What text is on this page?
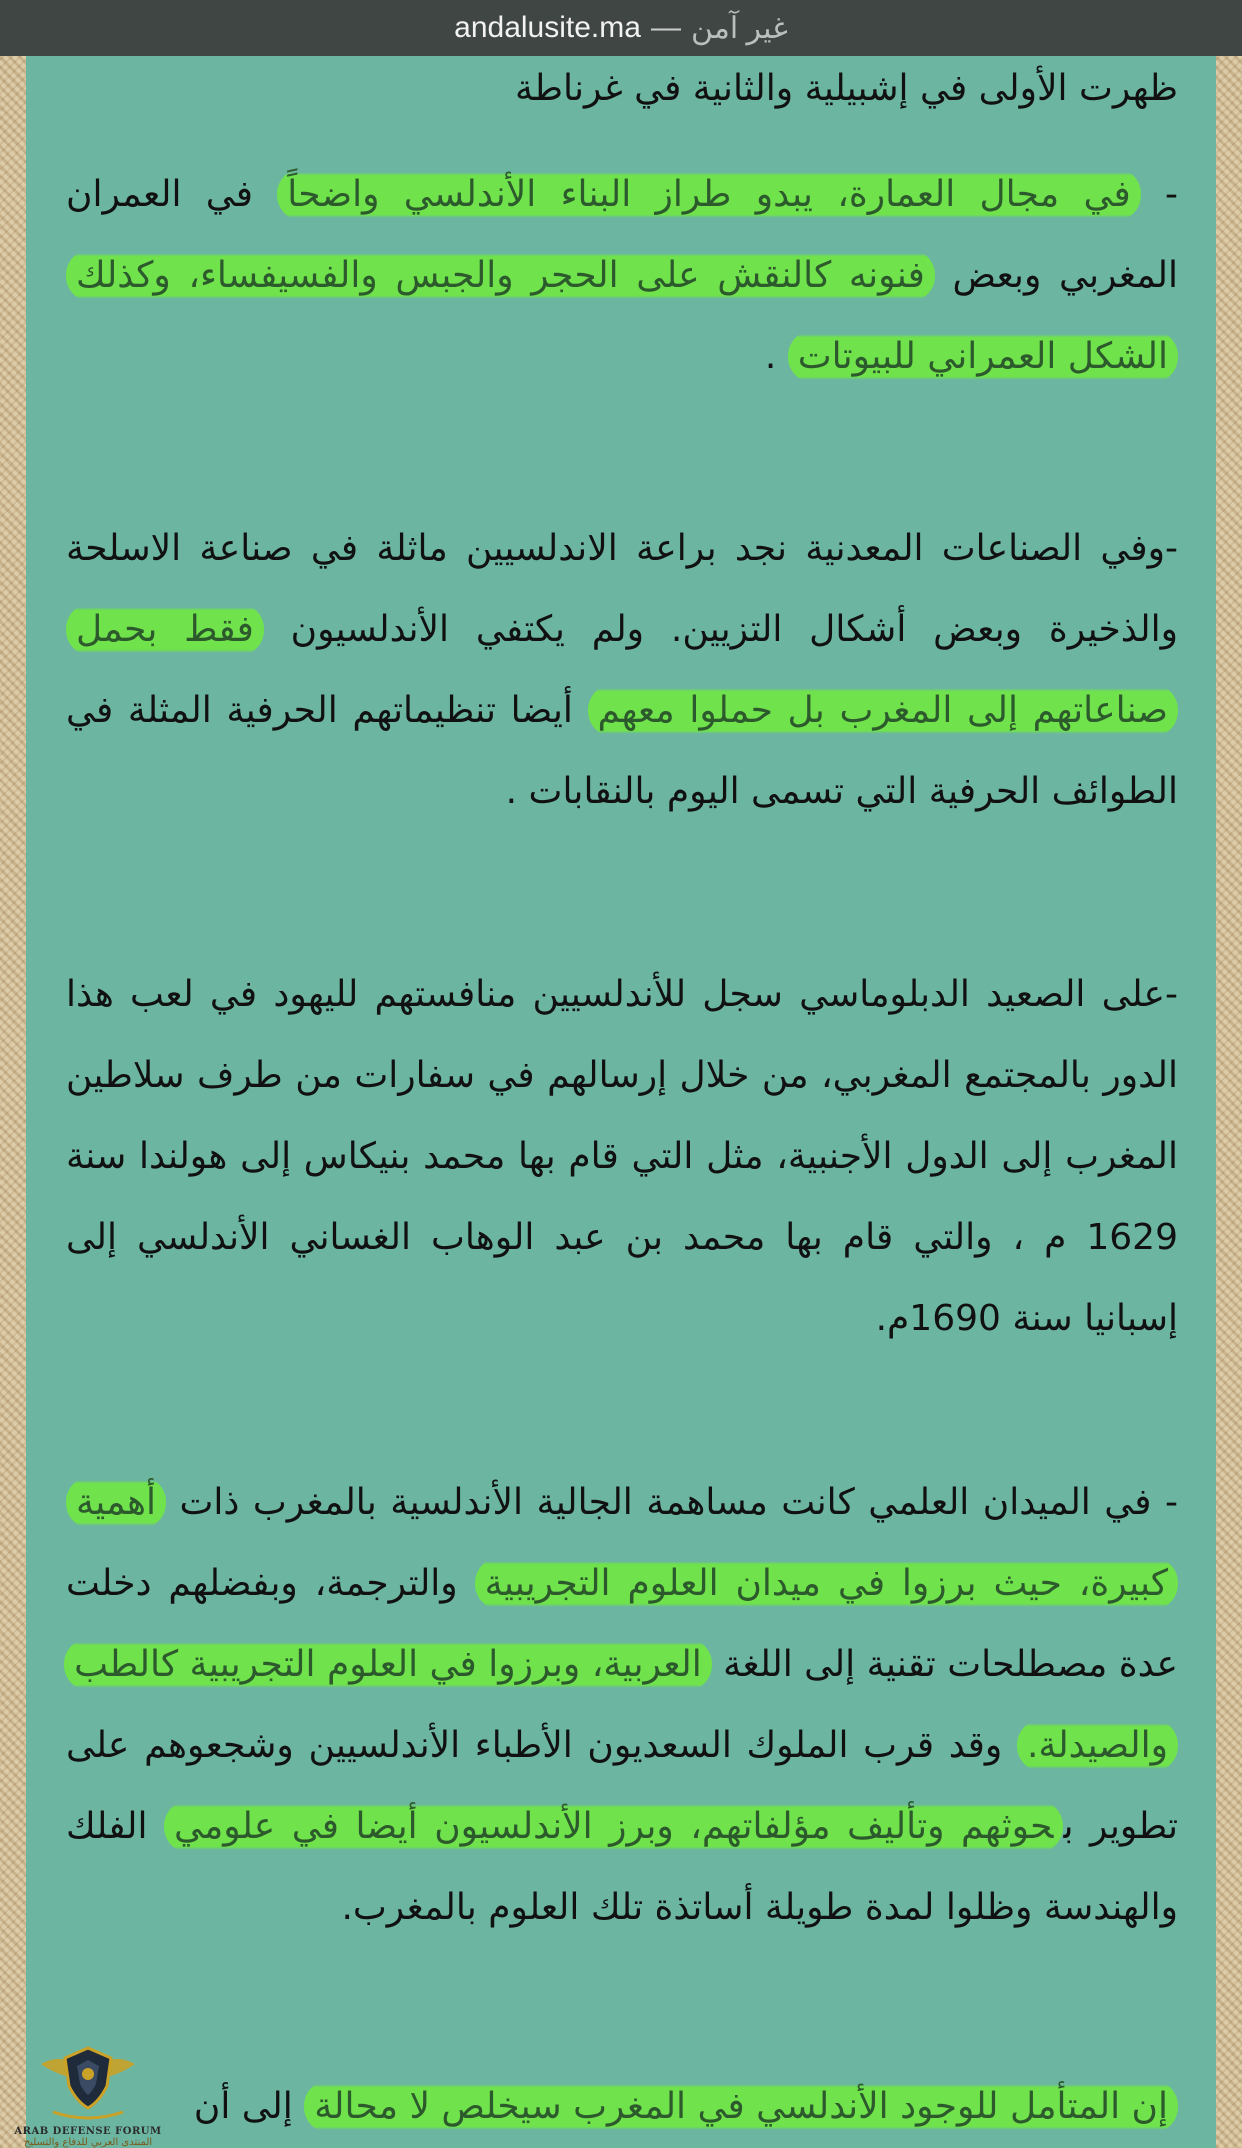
andalusite.ma — غير آمن

ظهرت الأولى في إشبيلية والثانية في غرناطة

- في مجال العمارة، يبدو طراز البناء الأندلسي واضحاً في العمران المغربي وبعض فنونه كالنقش على الحجر والجبس والفسيفساء، وكذلك الشكل العمراني للبيوتات .

-وفي الصناعات المعدنية نجد براعة الاندلسيين ماثلة في صناعة الاسلحة والذخيرة وبعض أشكال التزيين. ولم يكتفي الأندلسيون فقط بحمل صناعاتهم إلى المغرب بل حملوا معهم أيضا تنظيماتهم الحرفية المثلة في الطوائف الحرفية التي تسمى اليوم بالنقابات .

-على الصعيد الدبلوماسي سجل للأندلسيين منافستهم لليهود في لعب هذا الدور بالمجتمع المغربي، من خلال إرسالهم في سفارات من طرف سلاطين المغرب إلى الدول الأجنبية، مثل التي قام بها محمد بنيكاس إلى هولندا سنة 1629 م ، والتي قام بها محمد بن عبد الوهاب الغساني الأندلسي إلى إسبانيا سنة 1690م.

- في الميدان العلمي كانت مساهمة الجالية الأندلسية بالمغرب ذات أهمية كبيرة، حيث برزوا في ميدان العلوم التجريبية والترجمة، وبفضلهم دخلت عدة مصطلحات تقنية إلى اللغة العربية، وبرزوا في العلوم التجريبية كالطب والصيدلة. وقد قرب الملوك السعديون الأطباء الأندلسيين وشجعوهم على تطوير بحوثهم وتأليف مؤلفاتهم، وبرز الأندلسيون أيضا في علومي الفلك والهندسة وظلوا لمدة طويلة أساتذة تلك العلوم بالمغرب.

إن المتأمل للوجود الأندلسي في المغرب سيخلص لا محالة إلى أن

ARAB DEFENSE FORUM
المنتدى العربي للدفاع والتسليح
